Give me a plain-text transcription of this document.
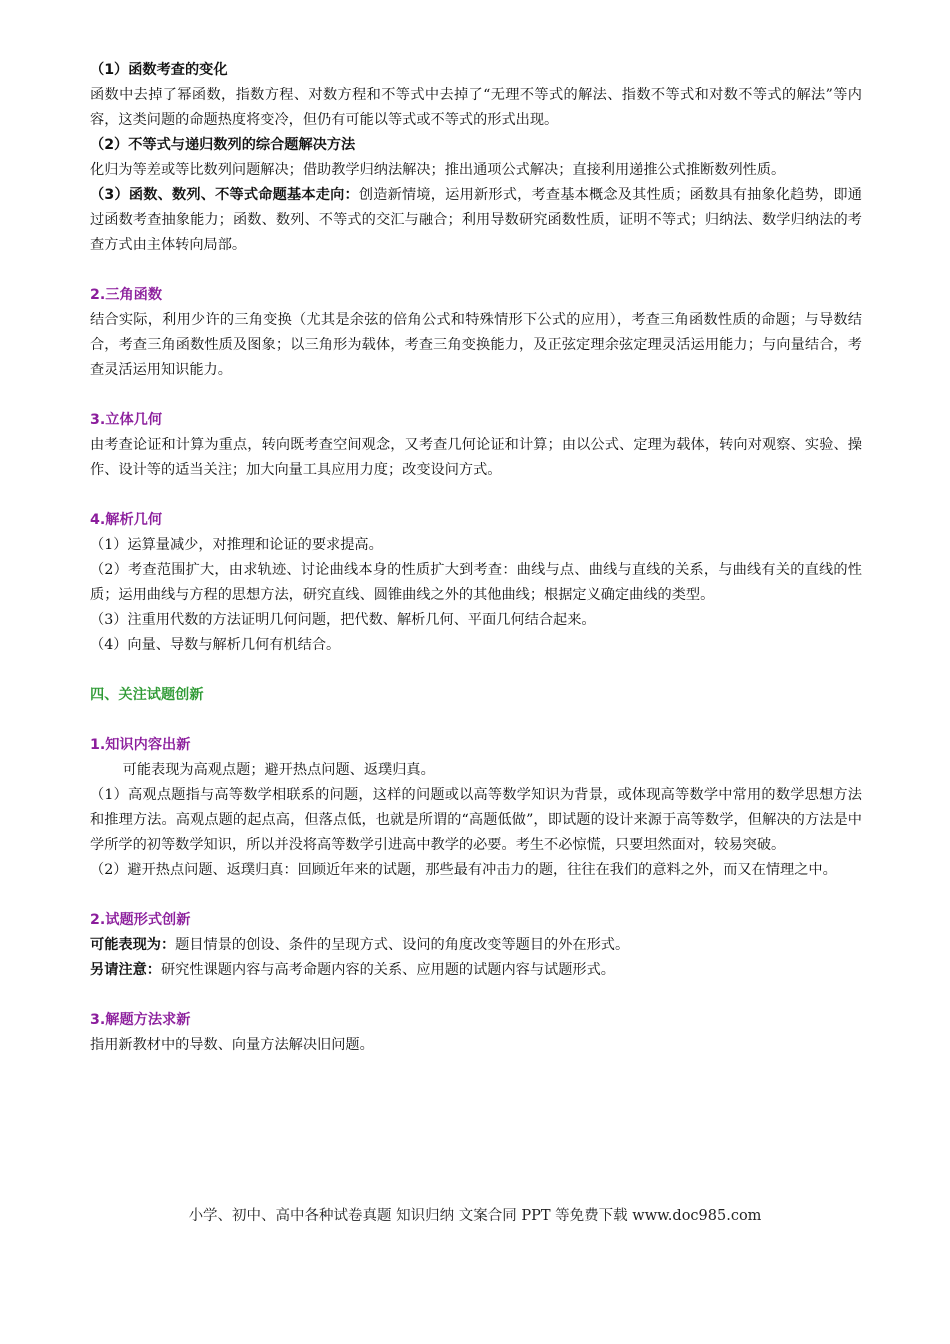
（1）函数考查的变化

函数中去掉了幂函数，指数方程、对数方程和不等式中去掉了“无理不等式的解法、指数不等式和对数不等式的解法”等内容，这类问题的命题热度将变冷，但仍有可能以等式或不等式的形式出现。

（2）不等式与递归数列的综合题解决方法

化归为等差或等比数列问题解决；借助教学归纳法解决；推出通项公式解决；直接利用递推公式推断数列性质。

（3）函数、数列、不等式命题基本走向：创造新情境，运用新形式，考查基本概念及其性质；函数具有抽象化趋势，即通过函数考查抽象能力；函数、数列、不等式的交汇与融合；利用导数研究函数性质，证明不等式；归纳法、数学归纳法的考查方式由主体转向局部。

2.三角函数

结合实际，利用少许的三角变换（尤其是余弦的倍角公式和特殊情形下公式的应用），考查三角函数性质的命题；与导数结合，考查三角函数性质及图象；以三角形为载体，考查三角变换能力，及正弦定理余弦定理灵活运用能力；与向量结合，考查灵活运用知识能力。

3.立体几何

由考查论证和计算为重点，转向既考查空间观念，又考查几何论证和计算；由以公式、定理为载体，转向对观察、实验、操作、设计等的适当关注；加大向量工具应用力度；改变设问方式。

4.解析几何

（1）运算量减少，对推理和论证的要求提高。

（2）考查范围扩大，由求轨迹、讨论曲线本身的性质扩大到考查：曲线与点、曲线与直线的关系，与曲线有关的直线的性质；运用曲线与方程的思想方法，研究直线、圆锥曲线之外的其他曲线；根据定义确定曲线的类型。

（3）注重用代数的方法证明几何问题，把代数、解析几何、平面几何结合起来。

（4）向量、导数与解析几何有机结合。

四、关注试题创新

1.知识内容出新

可能表现为高观点题；避开热点问题、返璞归真。

（1）高观点题指与高等数学相联系的问题，这样的问题或以高等数学知识为背景，或体现高等数学中常用的数学思想方法和推理方法。高观点题的起点高，但落点低，也就是所谓的“高题低做”，即试题的设计来源于高等数学，但解决的方法是中学所学的初等数学知识，所以并没将高等数学引进高中教学的必要。考生不必惊慌，只要坦然面对，较易突破。

（2）避开热点问题、返璞归真：回顾近年来的试题，那些最有冲击力的题，往往在我们的意料之外，而又在情理之中。

2.试题形式创新

可能表现为：题目情景的创设、条件的呈现方式、设问的角度改变等题目的外在形式。

另请注意：研究性课题内容与高考命题内容的关系、应用题的试题内容与试题形式。

3.解题方法求新

指用新教材中的导数、向量方法解决旧问题。

小学、初中、高中各种试卷真题 知识归纳 文案合同 PPT 等免费下载 www.doc985.com
